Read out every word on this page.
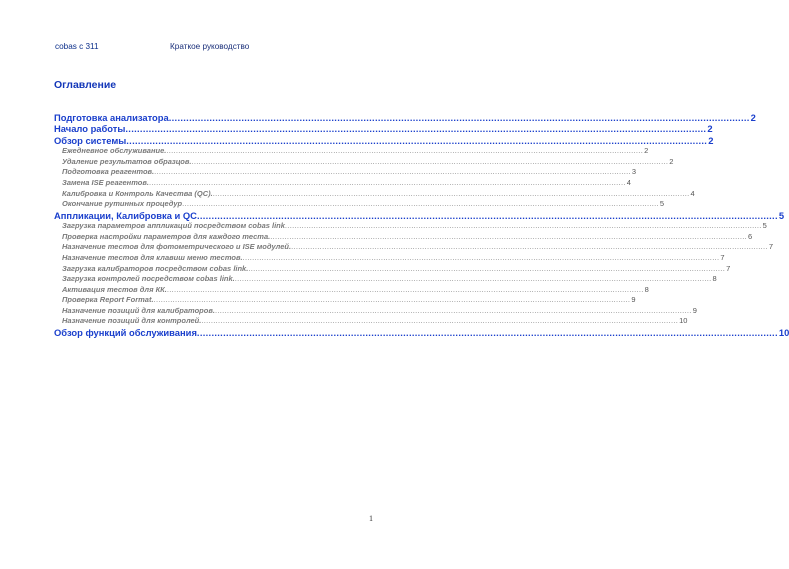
cobas c 311	Краткое руководство
Оглавление
Подготовка анализатора ........................................................................................................................................................................................................ 2
Начало работы ........................................................................................................................................................................................................ 2
Обзор системы ........................................................................................................................................................................................................ 2
Ежедневное обслуживание. ........................................................................................................................................................................................................ 2
Удаление результатов образцов. ........................................................................................................................................................................................................ 2
Подготовка реагентов. ........................................................................................................................................................................................................ 3
Замена ISE реагентов. ........................................................................................................................................................................................................ 4
Калибровка и Контроль Качества (QC). ........................................................................................................................................................................................................ 4
Окончание рутинных процедур ........................................................................................................................................................................................................ 5
Аппликации, Калибровка и QC ........................................................................................................................................................................................................ 5
Загрузка параметров аппликаций посредством cobas link ........................................................................................................................................................................................................ 5
Проверка настройки параметров для каждого теста. ........................................................................................................................................................................................................ 6
Назначение тестов для фотометрического и ISE модулей. ........................................................................................................................................................................................................ 7
Назначение тестов для клавиш меню тестов. ........................................................................................................................................................................................................ 7
Загрузка калибраторов посредством cobas link. ........................................................................................................................................................................................................ 7
Загрузка контролей посредством cobas link. ........................................................................................................................................................................................................ 8
Активация тестов для КК. ........................................................................................................................................................................................................ 8
Проверка Report Format. ........................................................................................................................................................................................................ 9
Назначение позиций для калибраторов. ........................................................................................................................................................................................................ 9
Назначение позиций для контролей. ........................................................................................................................................................................................................ 10
Обзор функций обслуживания ........................................................................................................................................................................................................ 10
1
